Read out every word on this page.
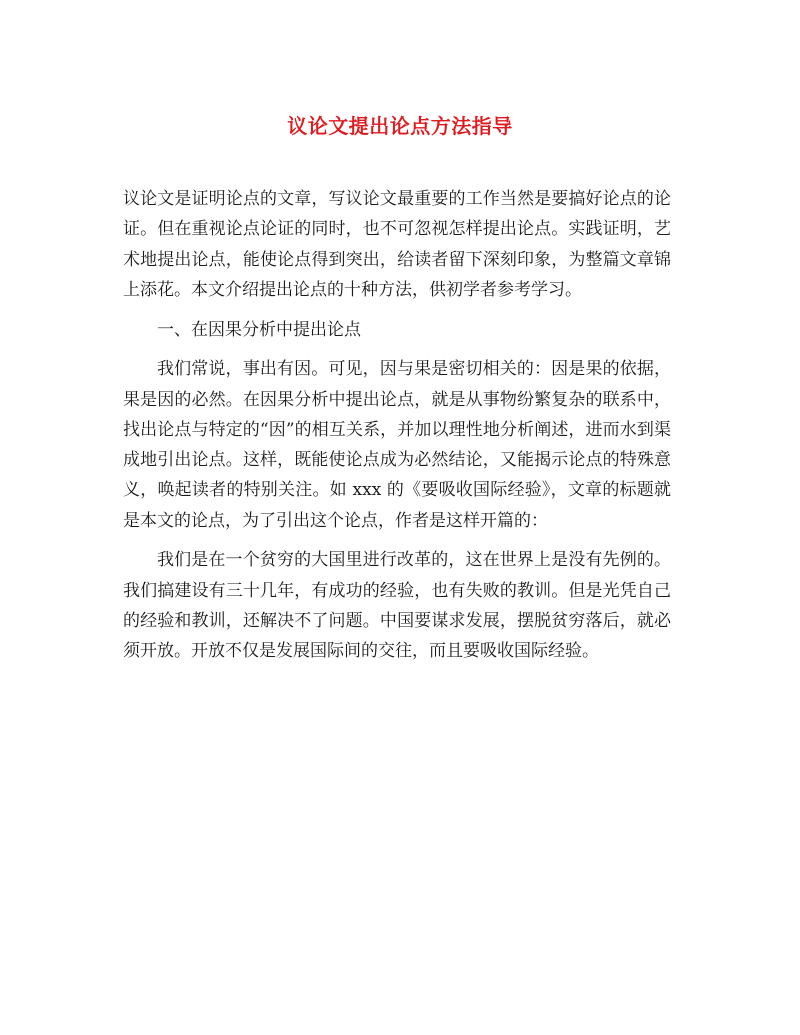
议论文提出论点方法指导

议论文是证明论点的文章，写议论文最重要的工作当然是要搞好论点的论证。但在重视论点论证的同时，也不可忽视怎样提出论点。实践证明，艺术地提出论点，能使论点得到突出，给读者留下深刻印象，为整篇文章锦上添花。本文介绍提出论点的十种方法，供初学者参考学习。

一、在因果分析中提出论点

我们常说，事出有因。可见，因与果是密切相关的：因是果的依据，果是因的必然。在因果分析中提出论点，就是从事物纷繁复杂的联系中，找出论点与特定的“因”的相互关系，并加以理性地分析阐述，进而水到渠成地引出论点。这样，既能使论点成为必然结论，又能揭示论点的特殊意义，唤起读者的特别关注。如 xxx 的《要吸收国际经验》，文章的标题就是本文的论点，为了引出这个论点，作者是这样开篇的：

我们是在一个贫穷的大国里进行改革的，这在世界上是没有先例的。我们搞建设有三十几年，有成功的经验，也有失败的教训。但是光凭自己的经验和教训，还解决不了问题。中国要谋求发展，摆脱贫穷落后，就必须开放。开放不仅是发展国际间的交往，而且要吸收国际经验。
